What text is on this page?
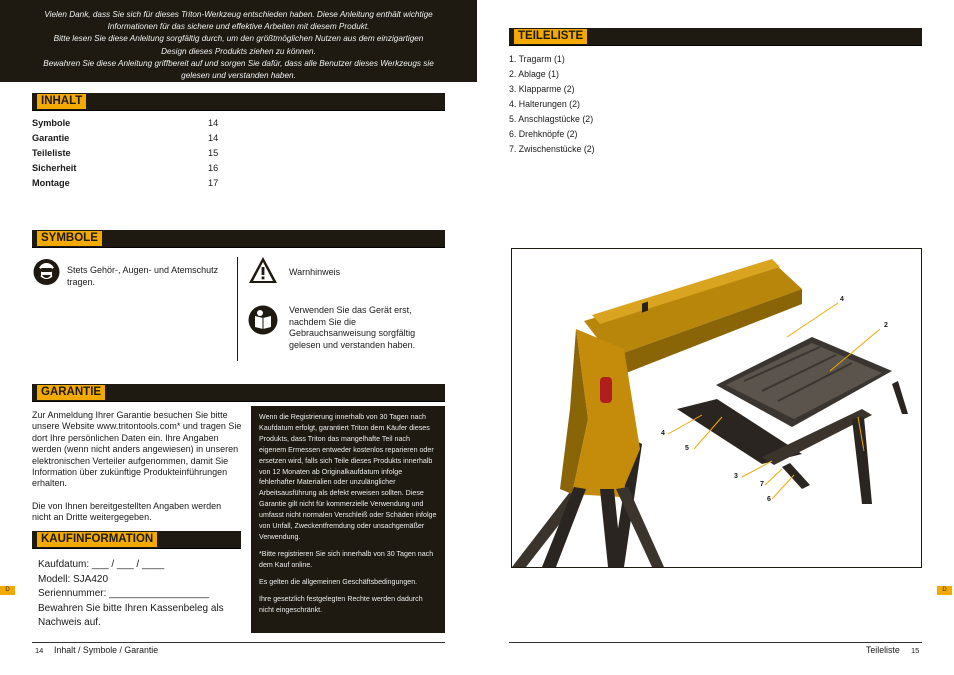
Vielen Dank, dass Sie sich für dieses Triton-Werkzeug entschieden haben. Diese Anleitung enthält wichtige
Informationen für das sichere und effektive Arbeiten mit diesem Produkt.
Bitte lesen Sie diese Anleitung sorgfältig durch, um den größtmöglichen Nutzen aus dem einzigartigen
Design dieses Produkts ziehen zu können.
Bewahren Sie diese Anleitung griffbereit auf und sorgen Sie dafür, dass alle Benutzer dieses Werkzeugs sie
gelesen und verstanden haben.
INHALT
Symbole	14
Garantie	14
Teileliste	15
Sicherheit	16
Montage	17
SYMBOLE
Stets Gehör-, Augen- und Atemschutz tragen.
Warnhinweis
Verwenden Sie das Gerät erst, nachdem Sie die Gebrauchsanweisung sorgfältig gelesen und verstanden haben.
GARANTIE
Zur Anmeldung Ihrer Garantie besuchen Sie bitte unsere Website www.tritontools.com* und tragen Sie dort Ihre persönlichen Daten ein. Ihre Angaben werden (wenn nicht anders angewiesen) in unseren elektronischen Verteiler aufgenommen, damit Sie Information über zukünftige Produkteinführungen erhalten.
Die von Ihnen bereitgestellten Angaben werden nicht an Dritte weitergegeben.

Wenn die Registrierung innerhalb von 30 Tagen nach Kaufdatum erfolgt, garantiert Triton dem Käufer dieses Produkts, dass Triton das mangelhafte Teil nach eigenem Ermessen entweder kostenlos reparieren oder ersetzen wird, falls sich Teile dieses Produkts innerhalb von 12 Monaten ab Originalkaufdatum infolge fehlerhafter Materialien oder unzulänglicher Arbeitsausführung als defekt erweisen sollten. Diese Garantie gilt nicht für kommerzielle Verwendung und umfasst nicht normalen Verschleiß oder Schäden infolge von Unfall, Zweckentfremdung oder unsachgemäßer Verwendung.

*Bitte registrieren Sie sich innerhalb von 30 Tagen nach dem Kauf online.

Es gelten die allgemeinen Geschäftsbedingungen.

Ihre gesetzlich festgelegten Rechte werden dadurch nicht eingeschränkt.

KAUFINFORMATION
Kaufdatum: ___ / ___ / ____
Modell: SJA420
Seriennummer: __________________
Bewahren Sie bitte Ihren Kassenbeleg als
Nachweis auf.
D
14 Inhalt / Symbole / Garantie
TEILELISTE
1. Tragarm (1)
2. Ablage (1)
3. Klapparme (2)
4. Halterungen (2)
5. Anschlagstücke (2)
6. Drehknöpfe (2)
7. Zwischenstücke (2)
4
2
4
5	1
3
7
6
D
Teileliste 15
